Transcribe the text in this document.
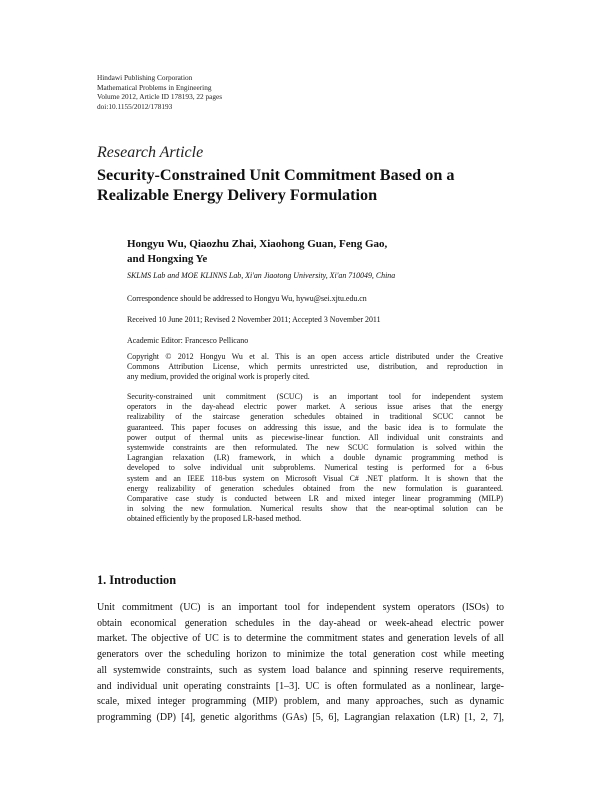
Hindawi Publishing Corporation
Mathematical Problems in Engineering
Volume 2012, Article ID 178193, 22 pages
doi:10.1155/2012/178193
Research Article
Security-Constrained Unit Commitment Based on a
Realizable Energy Delivery Formulation
Hongyu Wu, Qiaozhu Zhai, Xiaohong Guan, Feng Gao,
and Hongxing Ye
SKLMS Lab and MOE KLINNS Lab, Xi'an Jiaotong University, Xi'an 710049, China
Correspondence should be addressed to Hongyu Wu, hywu@sei.xjtu.edu.cn
Received 10 June 2011; Revised 2 November 2011; Accepted 3 November 2011
Academic Editor: Francesco Pellicano
Copyright © 2012 Hongyu Wu et al. This is an open access article distributed under the Creative
Commons Attribution License, which permits unrestricted use, distribution, and reproduction in
any medium, provided the original work is properly cited.
Security-constrained unit commitment (SCUC) is an important tool for independent system
operators in the day-ahead electric power market. A serious issue arises that the energy
realizability of the staircase generation schedules obtained in traditional SCUC cannot be
guaranteed. This paper focuses on addressing this issue, and the basic idea is to formulate the
power output of thermal units as piecewise-linear function. All individual unit constraints and
systemwide constraints are then reformulated. The new SCUC formulation is solved within the
Lagrangian relaxation (LR) framework, in which a double dynamic programming method is
developed to solve individual unit subproblems. Numerical testing is performed for a 6-bus
system and an IEEE 118-bus system on Microsoft Visual C# .NET platform. It is shown that the
energy realizability of generation schedules obtained from the new formulation is guaranteed.
Comparative case study is conducted between LR and mixed integer linear programming (MILP)
in solving the new formulation. Numerical results show that the near-optimal solution can be
obtained efficiently by the proposed LR-based method.
1. Introduction
Unit commitment (UC) is an important tool for independent system operators (ISOs) to
obtain economical generation schedules in the day-ahead or week-ahead electric power
market. The objective of UC is to determine the commitment states and generation levels of all
generators over the scheduling horizon to minimize the total generation cost while meeting
all systemwide constraints, such as system load balance and spinning reserve requirements,
and individual unit operating constraints [1–3]. UC is often formulated as a nonlinear, large-
scale, mixed integer programming (MIP) problem, and many approaches, such as dynamic
programming (DP) [4], genetic algorithms (GAs) [5, 6], Lagrangian relaxation (LR) [1, 2, 7],
